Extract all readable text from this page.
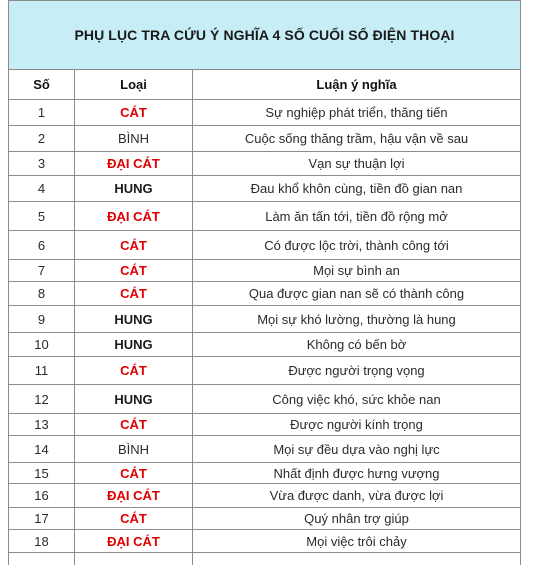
PHỤ LỤC TRA CỨU Ý NGHĨA 4 SỐ CUỐI SỐ ĐIỆN THOẠI
Số	Loại	Luận ý nghĩa
1	CÁT	Sự nghiệp phát triển, thăng tiến
2	BÌNH	Cuộc sống thăng trầm, hậu vận về sau
3	ĐẠI CÁT	Vạn sự thuận lợi
4	HUNG	Đau khổ khôn cùng, tiền đồ gian nan
5	ĐẠI CÁT	Làm ăn tấn tới, tiền đồ rộng mở
6	CÁT	Có được lộc trời, thành công tới
7	CÁT	Mọi sự bình an
8	CÁT	Qua được gian nan sẽ có thành công
9	HUNG	Mọi sự khó lường, thường là hung
10	HUNG	Không có bến bờ
11	CÁT	Được người trọng vọng
12	HUNG	Công việc khó, sức khỏe nan
13	CÁT	Được người kính trọng
14	BÌNH	Mọi sự đều dựa vào nghị lực
15	CÁT	Nhất định được hưng vượng
16	ĐẠI CÁT	Vừa được danh, vừa được lợi
17	CÁT	Quý nhân trợ giúp
18	ĐẠI CÁT	Mọi việc trôi chảy
